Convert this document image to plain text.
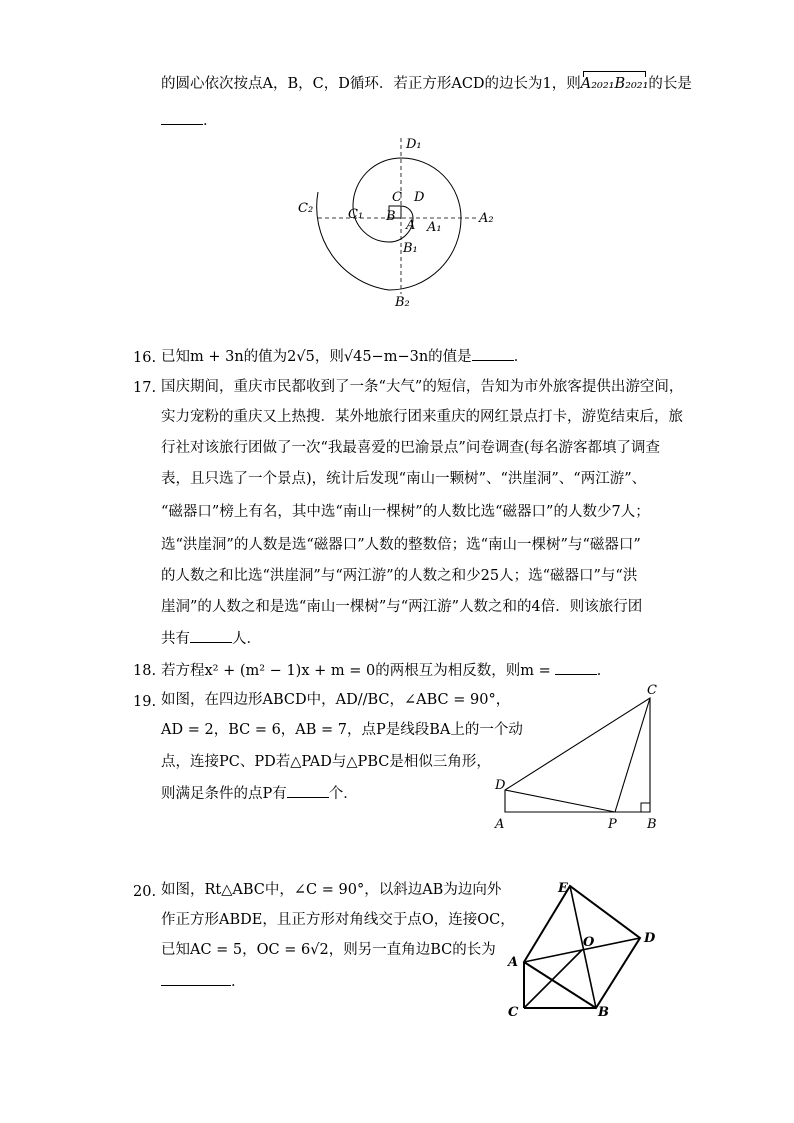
的圆心依次按点A，B，C，D循环．若正方形ACD的边长为1，则
A₂₀₂₁B₂₀₂₁的长是
．
D₁
C₂	C₁
C D
B
A A₁
A₂
B₁
B₂
16. 已知m + 3n的值为2√5，则√45−m−3n的值是	．
17. 国庆期间，重庆市民都收到了一条“大气”的短信，告知为市外旅客提供出游空间，
实力宠粉的重庆又上热搜．某外地旅行团来重庆的网红景点打卡，游览结束后，旅
行社对该旅行团做了一次“我最喜爱的巴渝景点”问卷调查(每名游客都填了调查
表，且只选了一个景点)，统计后发现“南山一颗树”、“洪崖洞”、“两江游”、
“磁器口”榜上有名，其中选“南山一棵树”的人数比选“磁器口”的人数少7人；
选“洪崖洞”的人数是选“磁器口”人数的整数倍；选“南山一棵树”与“磁器口”
的人数之和比选“洪崖洞”与“两江游”的人数之和少25人；选“磁器口”与“洪
崖洞”的人数之和是选“南山一棵树”与“两江游”人数之和的4倍．则该旅行团
共有	人．
18. 若方程x² + (m² − 1)x + m = 0的两根互为相反数，则m =	．
19. 如图，在四边形ABCD中，AD//BC，∠ABC = 90°，
AD = 2，BC = 6，AB = 7，点P是线段BA上的一个动
点，连接PC、PD若△PAD与△PBC是相似三角形，
则满足条件的点P有	个．
C
D
A	P B
20. 如图，Rt△ABC中，∠C = 90°，以斜边AB为边向外
作正方形ABDE，且正方形对角线交于点O，连接OC，
已知AC = 5，OC = 6√2，则另一直角边BC的长为
．
E
D
O
A
C	B
